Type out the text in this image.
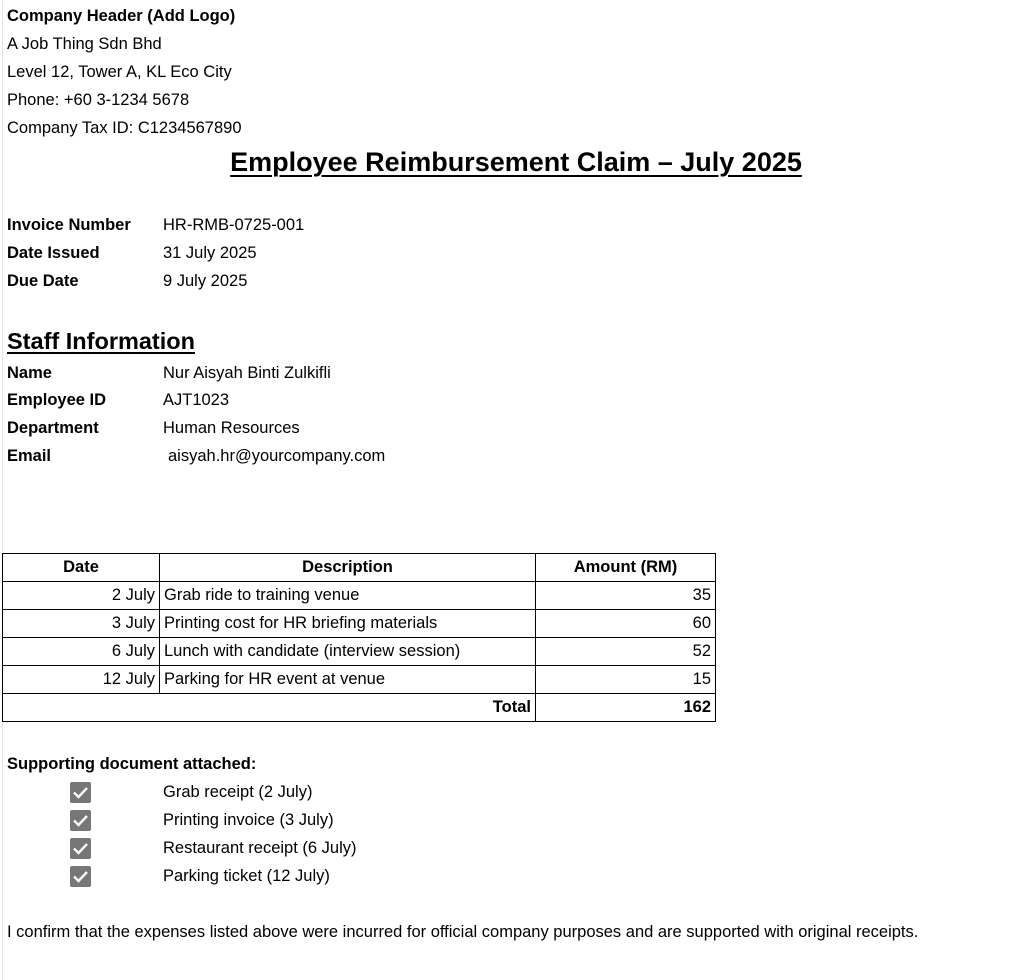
Company Header (Add Logo)
A Job Thing Sdn Bhd
Level 12, Tower A, KL Eco City
Phone: +60 3-1234 5678
Company Tax ID: C1234567890
Employee Reimbursement Claim – July 2025
Invoice Number HR-RMB-0725-001
Date Issued	31 July 2025
Due Date	9 July 2025
Staff Information
Name	Nur Aisyah Binti Zulkifli
Employee ID	AJT1023
Department	Human Resources
Email	aisyah.hr@yourcompany.com
Date	Description	Amount (RM)
2 July	Grab ride to training venue	35
3 July	Printing cost for HR briefing materials	60
6 July	Lunch with candidate (interview session)	52
12 July	Parking for HR event at venue	15
Total		162
Supporting document attached:
Grab receipt (2 July)
Printing invoice (3 July)
Restaurant receipt (6 July)
Parking ticket (12 July)
I confirm that the expenses listed above were incurred for official company purposes and are supported with original receipts.
